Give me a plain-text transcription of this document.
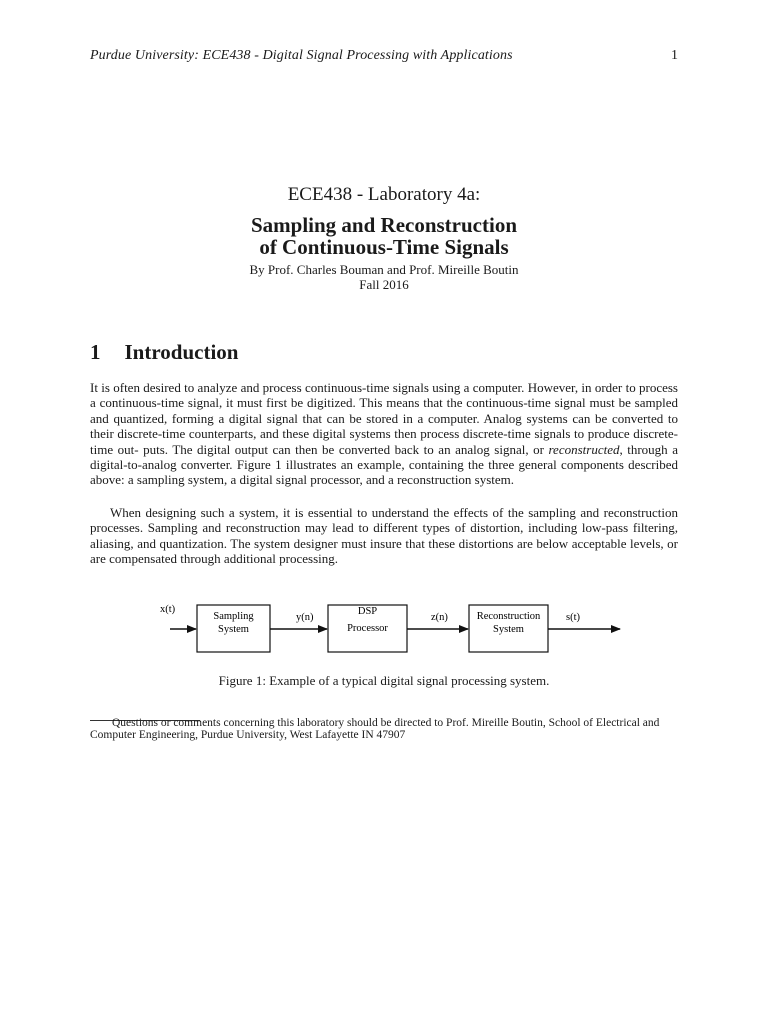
Purdue University: ECE438 - Digital Signal Processing with Applications	1
ECE438 - Laboratory 4a:
Sampling and Reconstruction
of Continuous-Time Signals
By Prof. Charles Bouman and Prof. Mireille Boutin
Fall 2016
1 Introduction

It is often desired to analyze and process continuous-time signals using a computer. However, in order to process a continuous-time signal, it must first be digitized. This means that the continuous-time signal must be sampled and quantized, forming a digital signal that can be stored in a computer. Analog systems can be converted to their discrete-time counterparts, and these digital systems then process discrete-time signals to produce discrete-time out- puts. The digital output can then be converted back to an analog signal, or reconstructed, through a digital-to-analog converter. Figure 1 illustrates an example, containing the three general components described above: a sampling system, a digital signal processor, and a reconstruction system.

When designing such a system, it is essential to understand the effects of the sampling and reconstruction processes. Sampling and reconstruction may lead to different types of distortion, including low-pass filtering, aliasing, and quantization. The system designer must insure that these distortions are below acceptable levels, or are compensated through additional processing.

Sampling
System
DSP
Processor
Reconstruction
System
x(t)
y(n)	z(n)	s(t)
Figure 1: Example of a typical digital signal processing system.

Questions or comments concerning this laboratory should be directed to Prof. Mireille Boutin, School of Electrical and Computer Engineering, Purdue University, West Lafayette IN 47907
